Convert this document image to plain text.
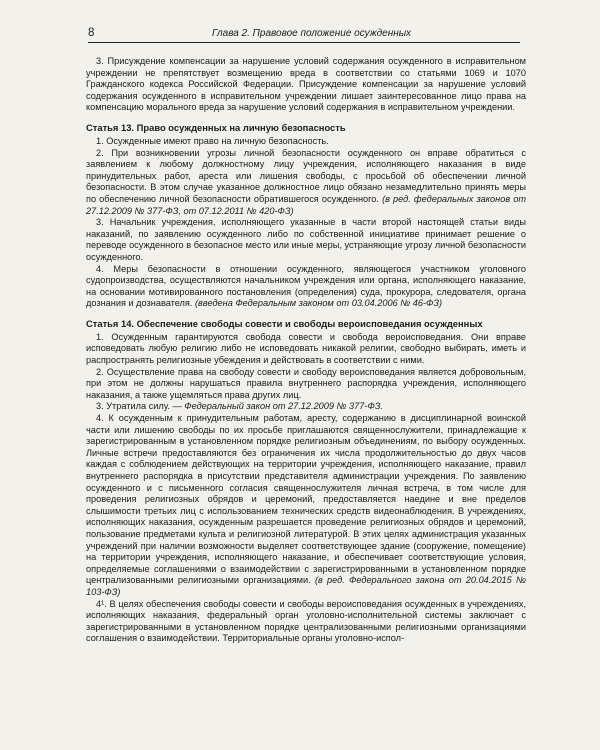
8	Глава 2. Правовое положение осужденных

3. Присуждение компенсации за нарушение условий содержания осужденного в исправительном учреждении не препятствует возмещению вреда в соответствии со статьями 1069 и 1070 Гражданского кодекса Российской Федерации. Присуждение компенсации за нарушение условий содержания осужденного в исправительном учреждении лишает заинтересованное лицо права на компенсацию морального вреда за нарушение условий содержания в исправительном учреждении.

Статья 13. Право осужденных на личную безопасность

1. Осужденные имеют право на личную безопасность.

2. При возникновении угрозы личной безопасности осужденного он вправе обратиться с заявлением к любому должностному лицу учреждения, исполняющего наказания в виде принудительных работ, ареста или лишения свободы, с просьбой об обеспечении личной безопасности. В этом случае указанное должностное лицо обязано незамедлительно принять меры по обеспечению личной безопасности обратившегося осужденного. (в ред. федеральных законов от 27.12.2009 № 377-ФЗ, от 07.12.2011 № 420-ФЗ)

3. Начальник учреждения, исполняющего указанные в части второй настоящей статьи виды наказаний, по заявлению осужденного либо по собственной инициативе принимает решение о переводе осужденного в безопасное место или иные меры, устраняющие угрозу личной безопасности осужденного.

4. Меры безопасности в отношении осужденного, являющегося участником уголовного судопроизводства, осуществляются начальником учреждения или органа, исполняющего наказание, на основании мотивированного постановления (определения) суда, прокурора, следователя, органа дознания и дознавателя. (введена Федеральным законом от 03.04.2006 № 46-ФЗ)

Статья 14. Обеспечение свободы совести и свободы вероисповедания осужденных

1. Осужденным гарантируются свобода совести и свобода вероисповедания. Они вправе исповедовать любую религию либо не исповедовать никакой религии, свободно выбирать, иметь и распространять религиозные убеждения и действовать в соответствии с ними.

2. Осуществление права на свободу совести и свободу вероисповедания является добровольным, при этом не должны нарушаться правила внутреннего распорядка учреждения, исполняющего наказания, а также ущемляться права других лиц.

3. Утратила силу. — Федеральный закон от 27.12.2009 № 377-ФЗ.

4. К осужденным к принудительным работам, аресту, содержанию в дисциплинарной воинской части или лишению свободы по их просьбе приглашаются священнослужители, принадлежащие к зарегистрированным в установленном порядке религиозным объединениям, по выбору осужденных. Личные встречи предоставляются без ограничения их числа продолжительностью до двух часов каждая с соблюдением действующих на территории учреждения, исполняющего наказание, правил внутреннего распорядка в присутствии представителя администрации учреждения. По заявлению осужденного и с письменного согласия священнослужителя личная встреча, в том числе для проведения религиозных обрядов и церемоний, предоставляется наедине и вне пределов слышимости третьих лиц с использованием технических средств видеонаблюдения. В учреждениях, исполняющих наказания, осужденным разрешается проведение религиозных обрядов и церемоний, пользование предметами культа и религиозной литературой. В этих целях администрация указанных учреждений при наличии возможности выделяет соответствующее здание (сооружение, помещение) на территории учреждения, исполняющего наказание, и обеспечивает соответствующие условия, определяемые соглашениями о взаимодействии с зарегистрированными в установленном порядке централизованными религиозными организациями. (в ред. Федерального закона от 20.04.2015 № 103-ФЗ)

4¹. В целях обеспечения свободы совести и свободы вероисповедания осужденных в учреждениях, исполняющих наказания, федеральный орган уголовно-исполнительной системы заключает с зарегистрированными в установленном порядке централизованными религиозными организациями соглашения о взаимодействии. Территориальные органы уголовно-испол-
